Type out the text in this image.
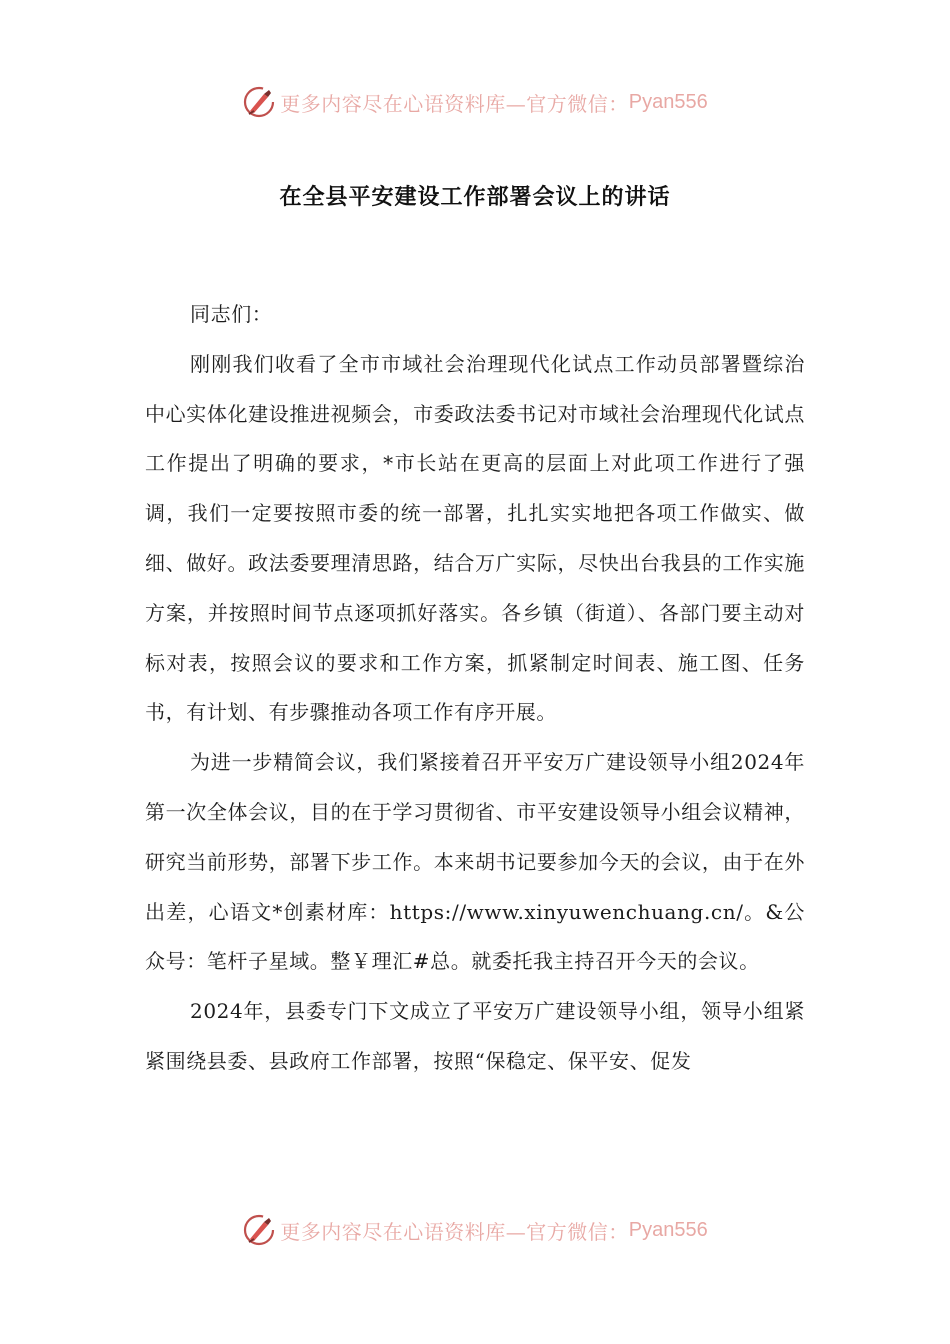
更多内容尽在心语资料库—官方微信： Pyan556
在全县平安建设工作部署会议上的讲话

同志们：

刚刚我们收看了全市市域社会治理现代化试点工作动员部署暨综治中心实体化建设推进视频会，市委政法委书记对市域社会治理现代化试点工作提出了明确的要求，*市长站在更高的层面上对此项工作进行了强调，我们一定要按照市委的统一部署，扎扎实实地把各项工作做实、做细、做好。政法委要理清思路，结合万广实际，尽快出台我县的工作实施方案，并按照时间节点逐项抓好落实。各乡镇（街道）、各部门要主动对标对表，按照会议的要求和工作方案，抓紧制定时间表、施工图、任务书，有计划、有步骤推动各项工作有序开展。

为进一步精简会议，我们紧接着召开平安万广建设领导小组2024年第一次全体会议，目的在于学习贯彻省、市平安建设领导小组会议精神，研究当前形势，部署下步工作。本来胡书记要参加今天的会议，由于在外出差，心语文*创素材库：https://www.xinyuwenchuang.cn/。&公众号：笔杆子星域。整￥理汇#总。就委托我主持召开今天的会议。

2024年，县委专门下文成立了平安万广建设领导小组，领导小组紧紧围绕县委、县政府工作部署，按照“保稳定、保平安、促发

更多内容尽在心语资料库—官方微信： Pyan556
